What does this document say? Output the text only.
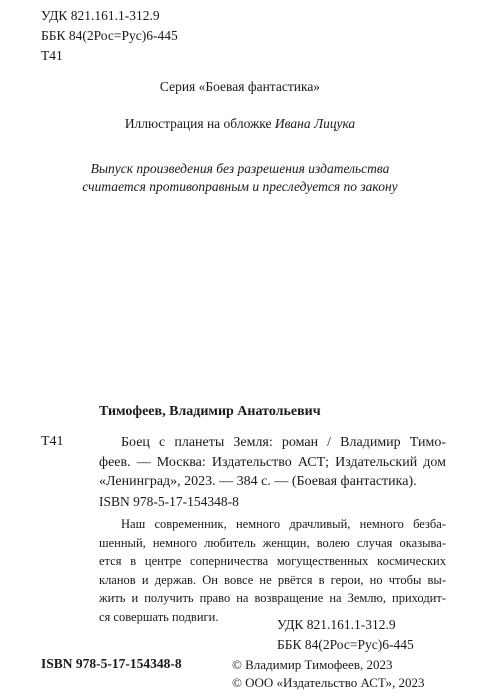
УДК 821.161.1-312.9
ББК 84(2Рос=Рус)6-445
Т41
Серия «Боевая фантастика»
Иллюстрация на обложке Ивана Лицука
Выпуск произведения без разрешения издательства
считается противоправным и преследуется по закону
Тимофеев, Владимир Анатольевич
Т41	Боец с планеты Земля: роман / Владимир Тимо-
феев. — Москва: Издательство АСТ; Издательский дом
«Ленинград», 2023. — 384 с. — (Боевая фантастика).
ISBN 978-5-17-154348-8
Наш современник, немного драчливый, немного безба-
шенный, немного любитель женщин, волею случая оказыва-
ется в центре соперничества могущественных космических
кланов и держав. Он вовсе не рвётся в герои, но чтобы вы-
жить и получить право на возвращение на Землю, приходит-
ся совершать подвиги.
УДК 821.161.1-312.9
ББК 84(2Рос=Рус)6-445
ISBN 978-5-17-154348-8	© Владимир Тимофеев, 2023
© ООО «Издательство АСТ», 2023
